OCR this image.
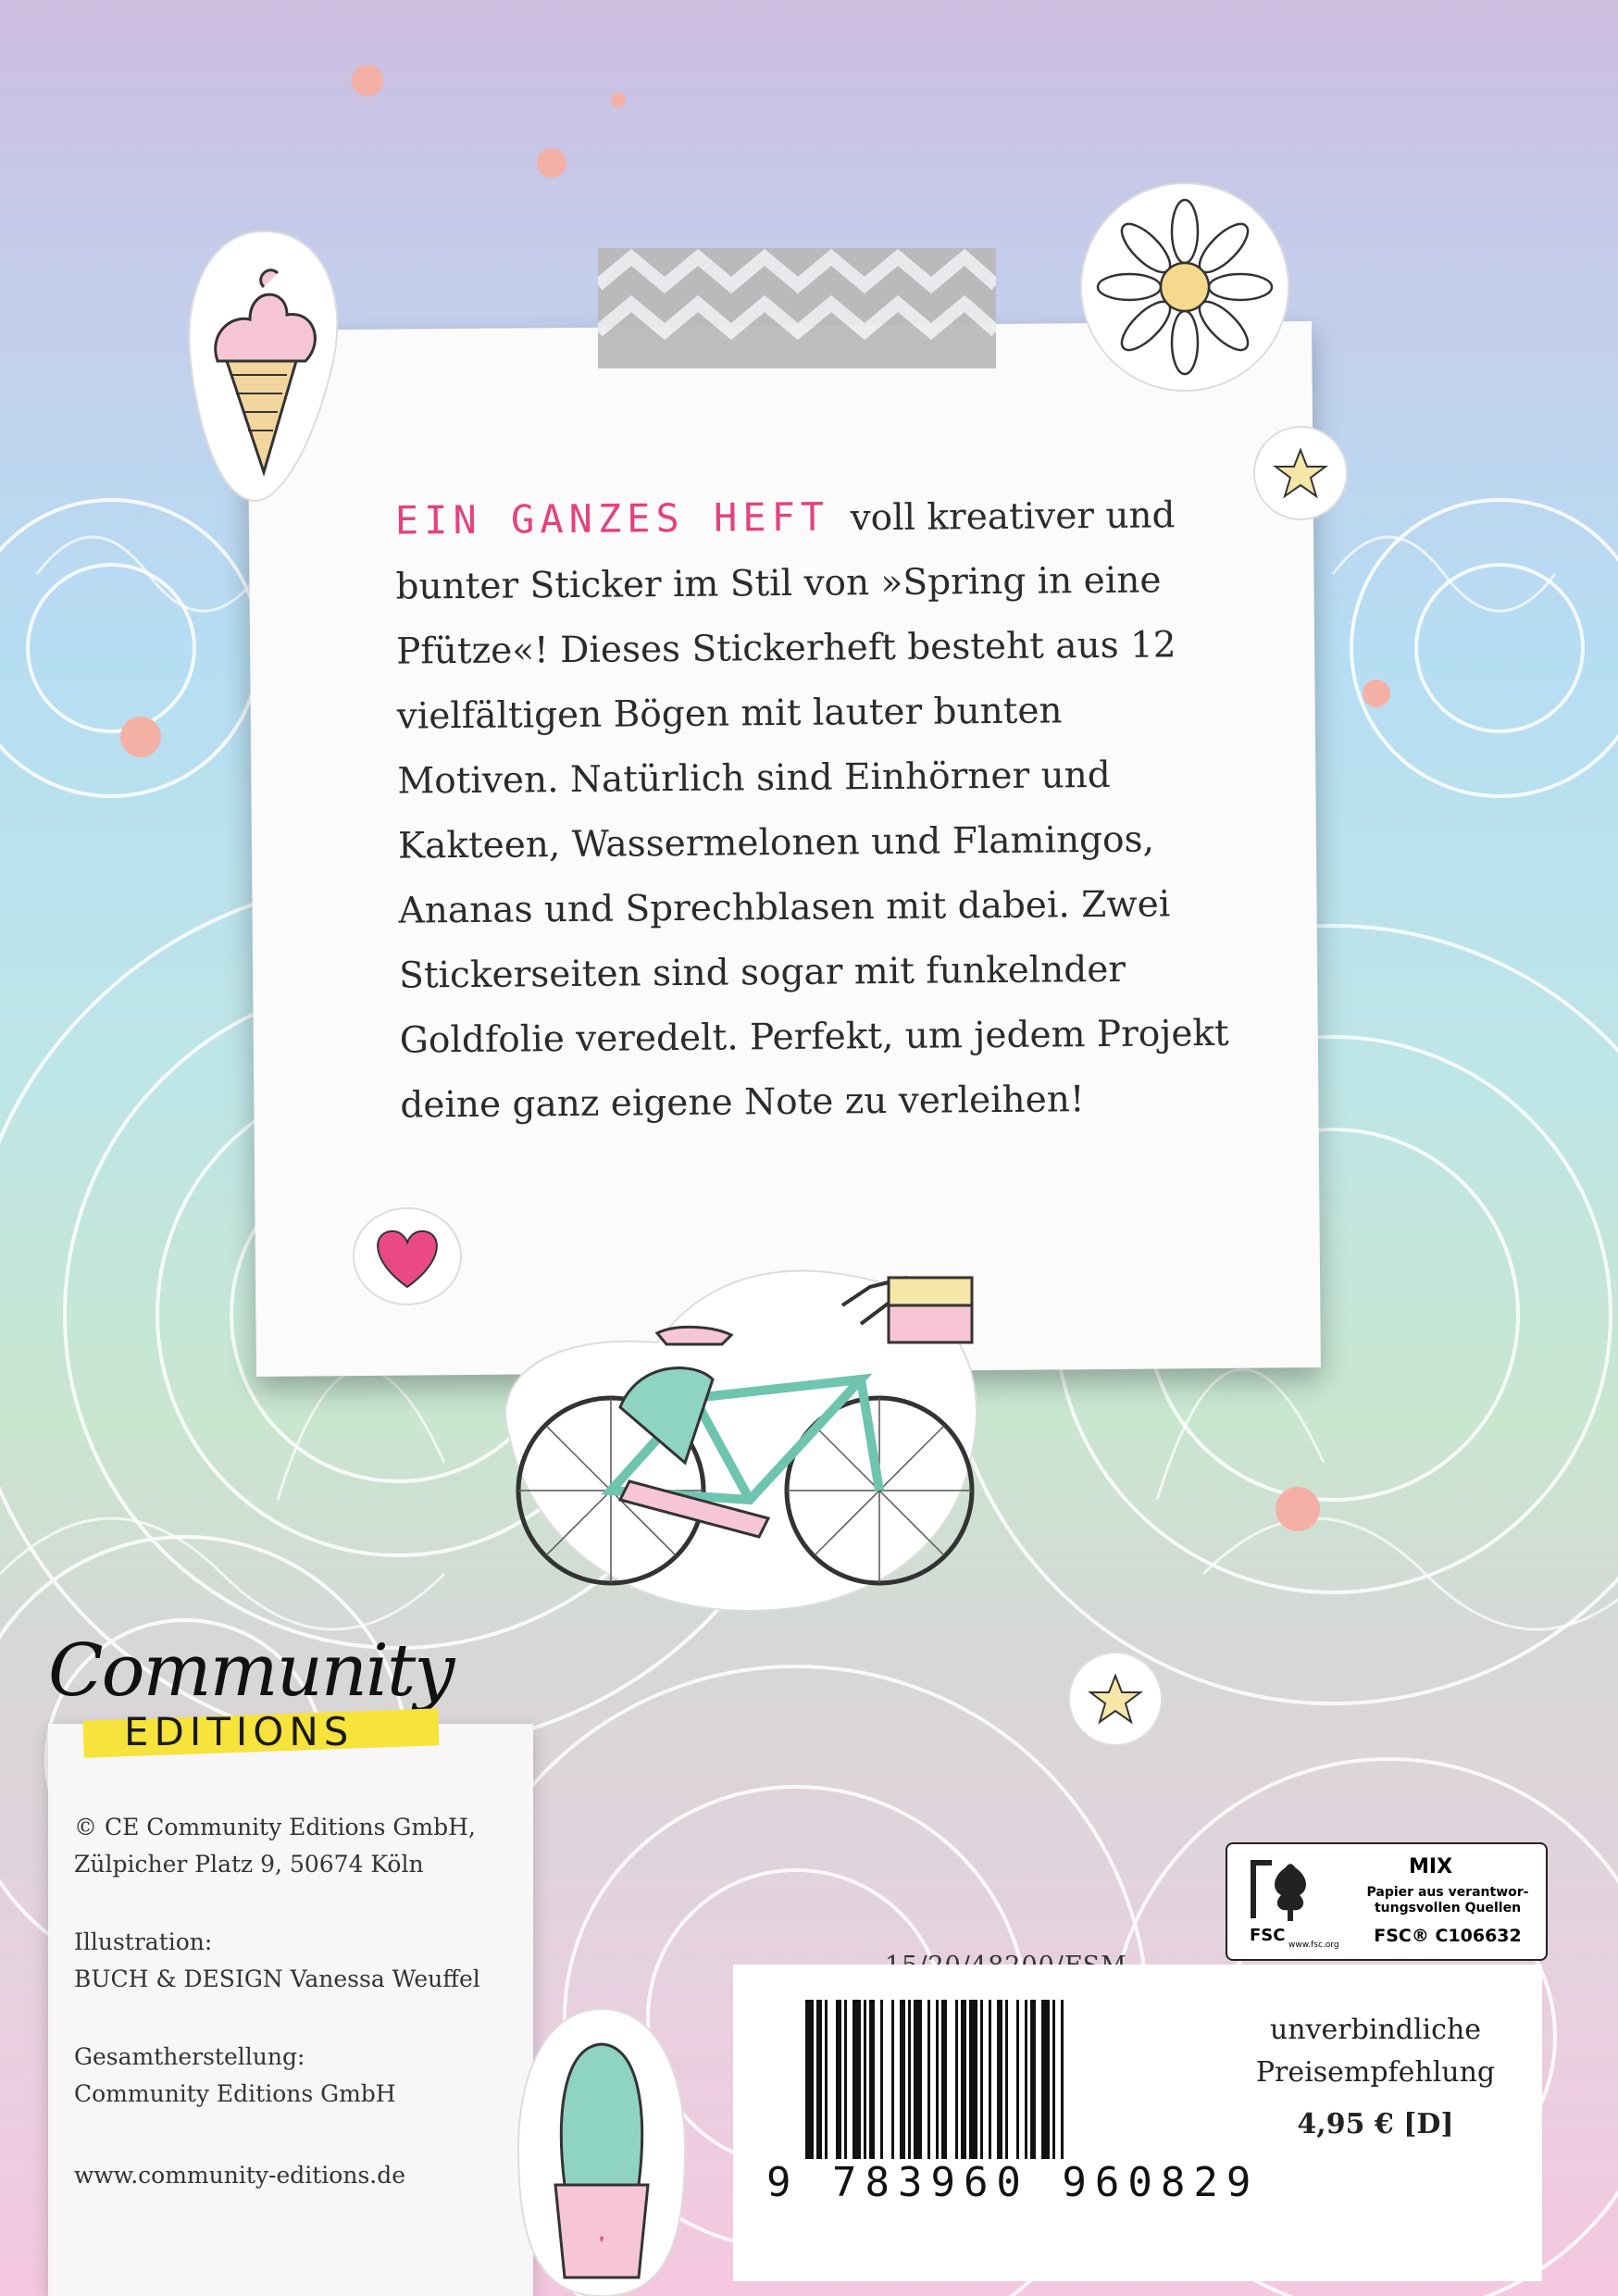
EIN GANZES HEFT voll kreativer und bunter Sticker im Stil von »Spring in eine Pfütze«! Dieses Stickerheft besteht aus 12 vielfältigen Bögen mit lauter bunten Motiven. Natürlich sind Einhörner und Kakteen, Wassermelonen und Flamingos, Ananas und Sprechblasen mit dabei. Zwei Stickerseiten sind sogar mit funkelnder Goldfolie veredelt. Perfekt, um jedem Projekt deine ganz eigene Note zu verleihen!

© CE Community Editions GmbH,

Zülpicher Platz 9, 50674 Köln

Illustration:

BUCH & DESIGN Vanessa Weuffel

Gesamtherstellung:

Community Editions GmbH

www.community-editions.de

Community
EDITIONS
FSC www.fsc.org
MIX
Papier aus verantwor-tungsvollen Quellen
FSC® C106632
9 783960 960829
unverbindliche
Preisempfehlung
4,95 € [D]
